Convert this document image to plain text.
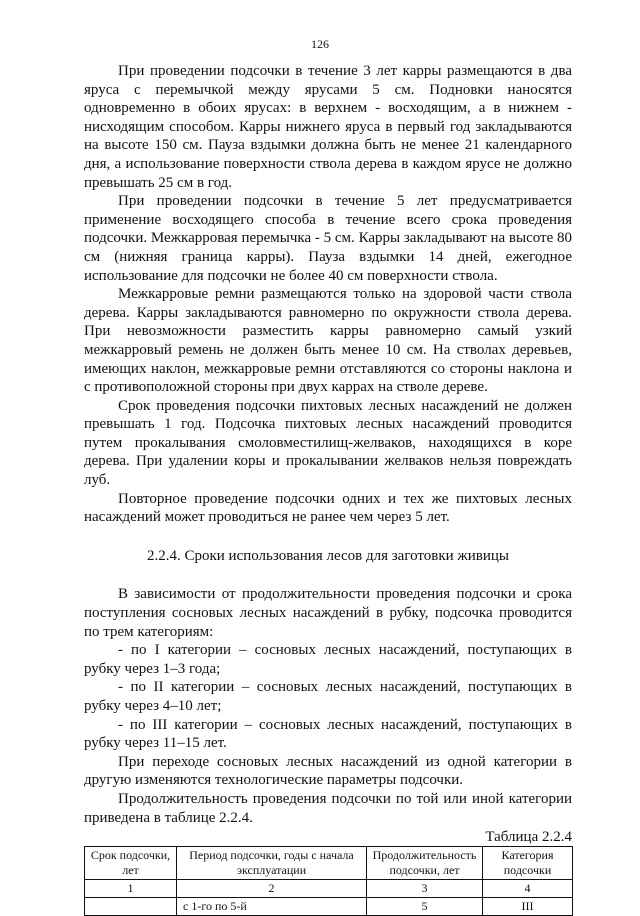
126

При проведении подсочки в течение 3 лет карры размещаются в два яруса с перемычкой между ярусами 5 см. Подновки наносятся одновременно в обоих ярусах: в верхнем - восходящим, а в нижнем - нисходящим способом. Карры нижнего яруса в первый год закладываются на высоте 150 см. Пауза вздымки должна быть не менее 21 календарного дня, а использование поверхности ствола дерева в каждом ярусе не должно превышать 25 см в год.

При проведении подсочки в течение 5 лет предусматривается применение восходящего способа в течение всего срока проведения подсочки. Межкарровая перемычка - 5 см. Карры закладывают на высоте 80 см (нижняя граница карры). Пауза вздымки 14 дней, ежегодное использование для подсочки не более 40 см поверхности ствола.

Межкарровые ремни размещаются только на здоровой части ствола дерева. Карры закладываются равномерно по окружности ствола дерева. При невозможности разместить карры равномерно самый узкий межкарровый ремень не должен быть менее 10 см. На стволах деревьев, имеющих наклон, межкарровые ремни отставляются со стороны наклона и с противоположной стороны при двух каррах на стволе дереве.

Срок проведения подсочки пихтовых лесных насаждений не должен превышать 1 год. Подсочка пихтовых лесных насаждений проводится путем прокалывания смоловместилищ-желваков, находящихся в коре дерева. При удалении коры и прокалывании желваков нельзя повреждать луб.

Повторное проведение подсочки одних и тех же пихтовых лесных насаждений может проводиться не ранее чем через 5 лет.

2.2.4. Сроки использования лесов для заготовки живицы

В зависимости от продолжительности проведения подсочки и срока поступления сосновых лесных насаждений в рубку, подсочка проводится по трем категориям:

- по I категории – сосновых лесных насаждений, поступающих в рубку через 1–3 года;

- по II категории – сосновых лесных насаждений, поступающих в рубку через 4–10 лет;

- по III категории – сосновых лесных насаждений, поступающих в рубку через 11–15 лет.

При переходе сосновых лесных насаждений из одной категории в другую изменяются технологические параметры подсочки.

Продолжительность проведения подсочки по той или иной категории приведена в таблице 2.2.4.

Таблица 2.2.4

Срок подсочки, лет	Период подсочки, годы с начала эксплуатации	Продолжительность подсочки, лет	Категория подсочки
1	2	3	4
	с 1-го по 5-й	5	III
